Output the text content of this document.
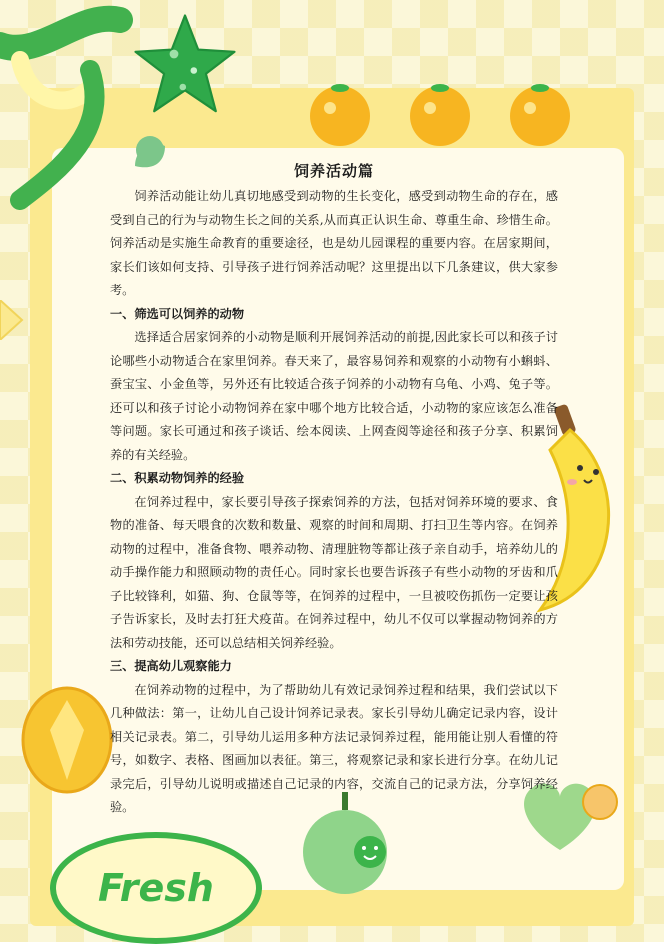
Fresh
饲养活动篇

饲养活动能让幼儿真切地感受到动物的生长变化，感受到动物生命的存在，感受到自己的行为与动物生长之间的关系,从而真正认识生命、尊重生命、珍惜生命。饲养活动是实施生命教育的重要途径，也是幼儿园课程的重要内容。在居家期间，家长们该如何支持、引导孩子进行饲养活动呢？这里提出以下几条建议，供大家参考。

一、筛选可以饲养的动物

选择适合居家饲养的小动物是顺利开展饲养活动的前提,因此家长可以和孩子讨论哪些小动物适合在家里饲养。春天来了，最容易饲养和观察的小动物有小蝌蚪、蚕宝宝、小金鱼等，另外还有比较适合孩子饲养的小动物有乌龟、小鸡、兔子等。还可以和孩子讨论小动物饲养在家中哪个地方比较合适，小动物的家应该怎么准备等问题。家长可通过和孩子谈话、绘本阅读、上网查阅等途径和孩子分享、积累饲养的有关经验。

二、积累动物饲养的经验

在饲养过程中，家长要引导孩子探索饲养的方法，包括对饲养环境的要求、食物的准备、每天喂食的次数和数量、观察的时间和周期、打扫卫生等内容。在饲养动物的过程中，准备食物、喂养动物、清理脏物等都让孩子亲自动手，培养幼儿的动手操作能力和照顾动物的责任心。同时家长也要告诉孩子有些小动物的牙齿和爪子比较锋利，如猫、狗、仓鼠等等，在饲养的过程中，一旦被咬伤抓伤一定要让孩子告诉家长，及时去打狂犬疫苗。在饲养过程中，幼儿不仅可以掌握动物饲养的方法和劳动技能，还可以总结相关饲养经验。

三、提高幼儿观察能力

在饲养动物的过程中，为了帮助幼儿有效记录饲养过程和结果，我们尝试以下几种做法：第一，让幼儿自己设计饲养记录表。家长引导幼儿确定记录内容，设计相关记录表。第二，引导幼儿运用多种方法记录饲养过程，能用能让别人看懂的符号，如数字、表格、图画加以表征。第三，将观察记录和家长进行分享。在幼儿记录完后，引导幼儿说明或描述自己记录的内容，交流自己的记录方法，分享饲养经验。
